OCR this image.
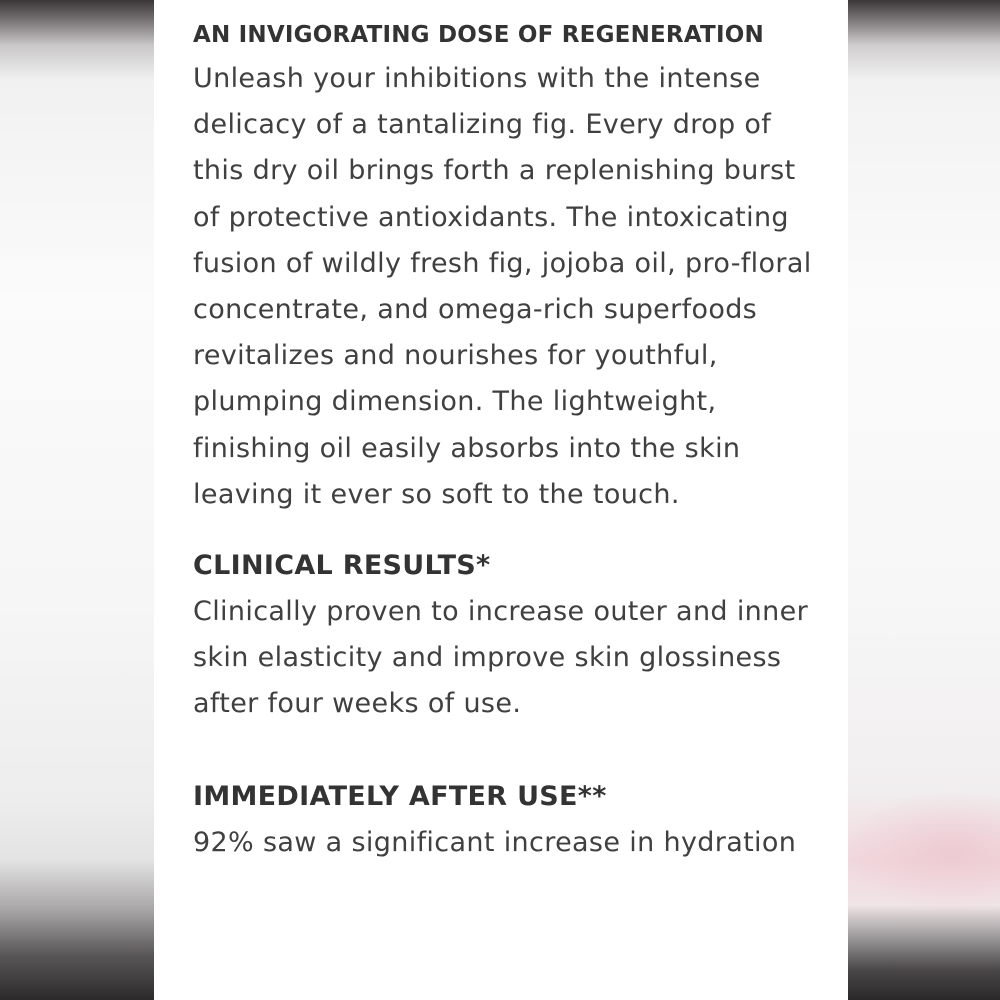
AN INVIGORATING DOSE OF REGENERATION

Unleash your inhibitions with the intense delicacy of a tantalizing fig. Every drop of this dry oil brings forth a replenishing burst of protective antioxidants. The intoxicating fusion of wildly fresh fig, jojoba oil, pro-floral concentrate, and omega-rich superfoods revitalizes and nourishes for youthful, plumping dimension. The lightweight, finishing oil easily absorbs into the skin leaving it ever so soft to the touch.

CLINICAL RESULTS*

Clinically proven to increase outer and inner skin elasticity and improve skin glossiness after four weeks of use.

IMMEDIATELY AFTER USE**

92% saw a significant increase in hydration
